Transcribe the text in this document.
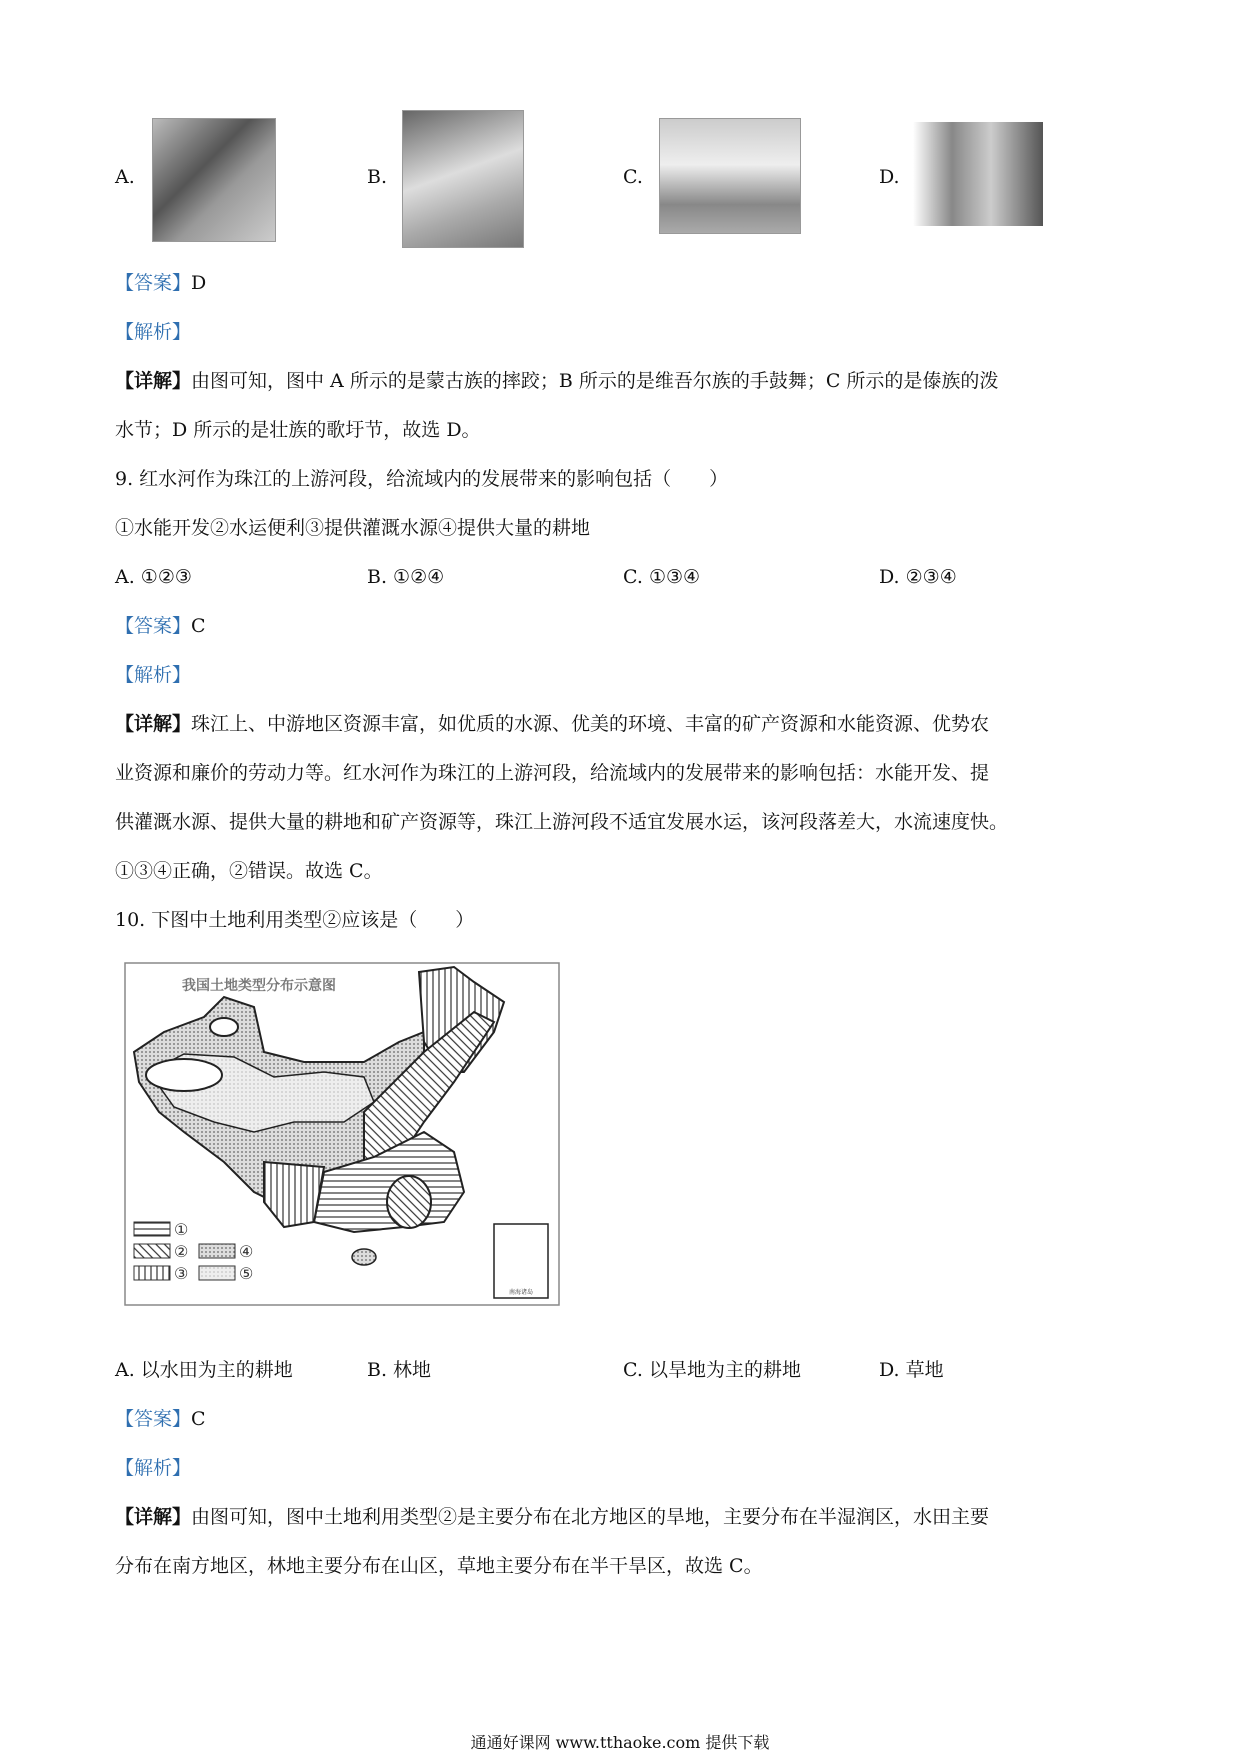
A.	B.	C.	D.
【答案】D
【解析】
【详解】由图可知，图中 A 所示的是蒙古族的摔跤；B 所示的是维吾尔族的手鼓舞；C 所示的是傣族的泼
水节；D 所示的是壮族的歌圩节，故选 D。
9. 红水河作为珠江的上游河段，给流域内的发展带来的影响包括（　　）
①水能开发②水运便利③提供灌溉水源④提供大量的耕地
A. ①②③	B. ①②④	C. ①③④	D. ②③④
【答案】C
【解析】
【详解】珠江上、中游地区资源丰富，如优质的水源、优美的环境、丰富的矿产资源和水能资源、优势农
业资源和廉价的劳动力等。红水河作为珠江的上游河段，给流域内的发展带来的影响包括：水能开发、提
供灌溉水源、提供大量的耕地和矿产资源等，珠江上游河段不适宜发展水运，该河段落差大，水流速度快。
①③④正确，②错误。故选 C。
10. 下图中土地利用类型②应该是（　　）
我国土地类型分布示意图
南海诸岛
①
②
③
④
⑤
A. 以水田为主的耕地	B. 林地	C. 以旱地为主的耕地	D. 草地
【答案】C
【解析】
【详解】由图可知，图中土地利用类型②是主要分布在北方地区的旱地，主要分布在半湿润区，水田主要
分布在南方地区，林地主要分布在山区，草地主要分布在半干旱区，故选 C。
通通好课网 www.tthaoke.com 提供下载
